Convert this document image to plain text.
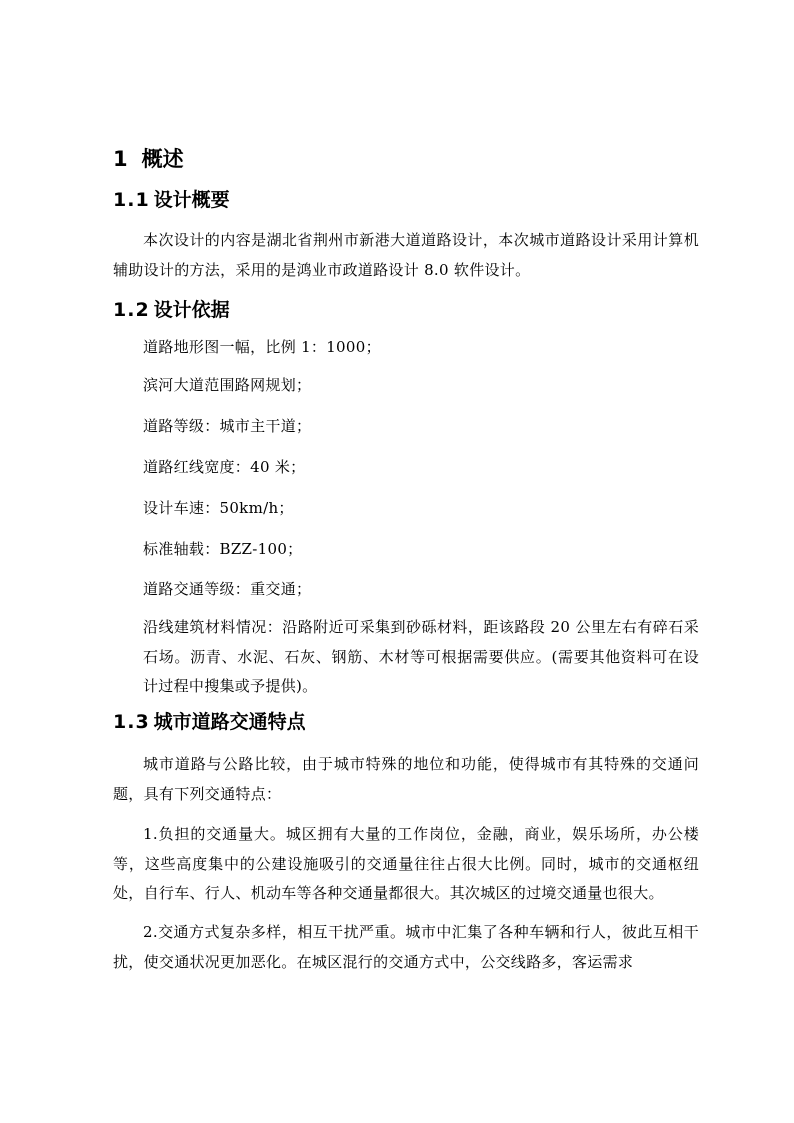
1 概述
1.1 设计概要
本次设计的内容是湖北省荆州市新港大道道路设计，本次城市道路设计采用计算机辅助设计的方法，采用的是鸿业市政道路设计 8.0 软件设计。
1.2 设计依据
道路地形图一幅，比例 1：1000；
滨河大道范围路网规划；
道路等级：城市主干道；
道路红线宽度：40 米；
设计车速：50km/h；
标准轴载：BZZ-100；
道路交通等级：重交通；
沿线建筑材料情况：沿路附近可采集到砂砾材料，距该路段 20 公里左右有碎石采石场。沥青、水泥、石灰、钢筋、木材等可根据需要供应。(需要其他资料可在设计过程中搜集或予提供)。
1.3 城市道路交通特点
城市道路与公路比较，由于城市特殊的地位和功能，使得城市有其特殊的交通问题，具有下列交通特点：
1.负担的交通量大。城区拥有大量的工作岗位，金融，商业，娱乐场所，办公楼等，这些高度集中的公建设施吸引的交通量往往占很大比例。同时，城市的交通枢纽处，自行车、行人、机动车等各种交通量都很大。其次城区的过境交通量也很大。
2.交通方式复杂多样，相互干扰严重。城市中汇集了各种车辆和行人，彼此互相干扰，使交通状况更加恶化。在城区混行的交通方式中，公交线路多，客运需求
